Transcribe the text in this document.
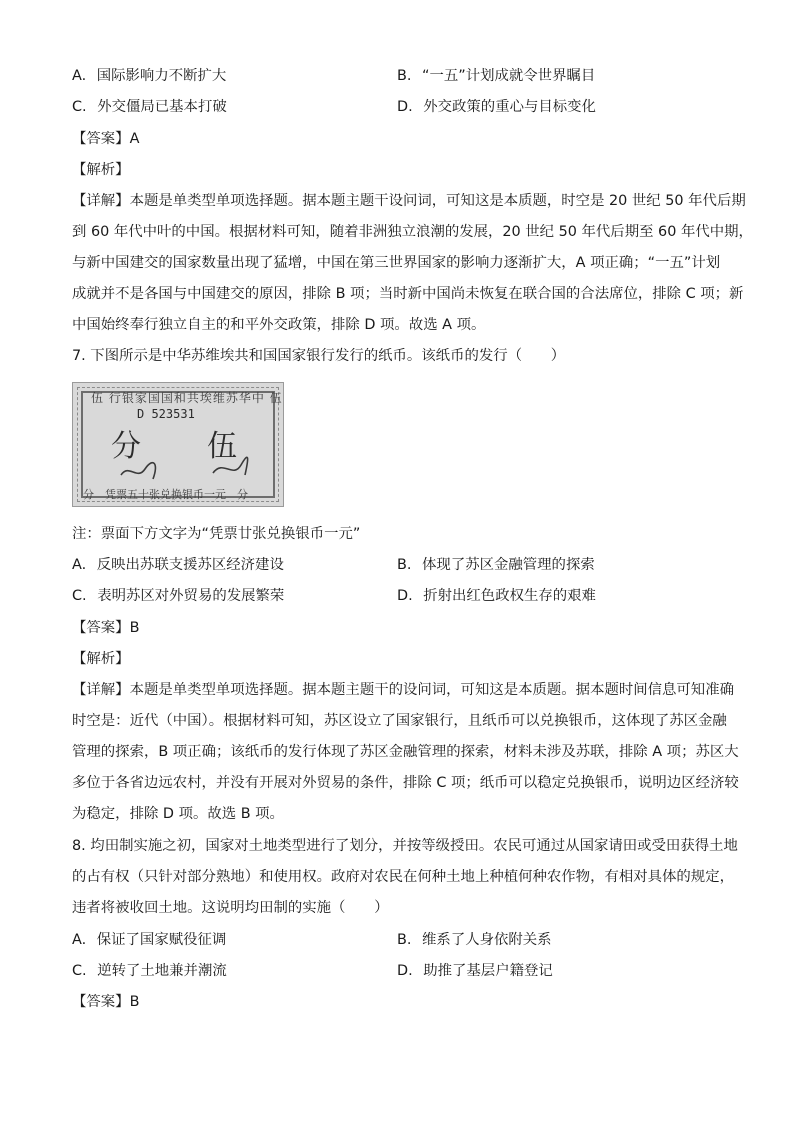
A. 国际影响力不断扩大	B. “一五”计划成就令世界瞩目
C. 外交僵局已基本打破	D. 外交政策的重心与目标变化
【答案】A
【解析】
【详解】本题是单类型单项选择题。据本题主题干设问词，可知这是本质题，时空是 20 世纪 50 年代后期
到 60 年代中叶的中国。根据材料可知，随着非洲独立浪潮的发展，20 世纪 50 年代后期至 60 年代中期，
与新中国建交的国家数量出现了猛增，中国在第三世界国家的影响力逐渐扩大，A 项正确；“一五”计划
成就并不是各国与中国建交的原因，排除 B 项；当时新中国尚未恢复在联合国的合法席位，排除 C 项；新
中国始终奉行独立自主的和平外交政策，排除 D 项。故选 A 项。
7. 下图所示是中华苏维埃共和国国家银行发行的纸币。该纸币的发行（　　）
伍 行银家国国和共埃维苏华中 伍
D 523531
分 伍
分　凭票五十张兑换银币一元　分
注：票面下方文字为“凭票廿张兑换银币一元”
A. 反映出苏联支援苏区经济建设	B. 体现了苏区金融管理的探索
C. 表明苏区对外贸易的发展繁荣	D. 折射出红色政权生存的艰难
【答案】B
【解析】
【详解】本题是单类型单项选择题。据本题主题干的设问词，可知这是本质题。据本题时间信息可知准确
时空是：近代（中国）。根据材料可知，苏区设立了国家银行，且纸币可以兑换银币，这体现了苏区金融
管理的探索，B 项正确；该纸币的发行体现了苏区金融管理的探索，材料未涉及苏联，排除 A 项；苏区大
多位于各省边远农村，并没有开展对外贸易的条件，排除 C 项；纸币可以稳定兑换银币，说明边区经济较
为稳定，排除 D 项。故选 B 项。
8. 均田制实施之初，国家对土地类型进行了划分，并按等级授田。农民可通过从国家请田或受田获得土地
的占有权（只针对部分熟地）和使用权。政府对农民在何种土地上种植何种农作物，有相对具体的规定，
违者将被收回土地。这说明均田制的实施（　　）
A. 保证了国家赋役征调	B. 维系了人身依附关系
C. 逆转了土地兼并潮流	D. 助推了基层户籍登记
【答案】B
